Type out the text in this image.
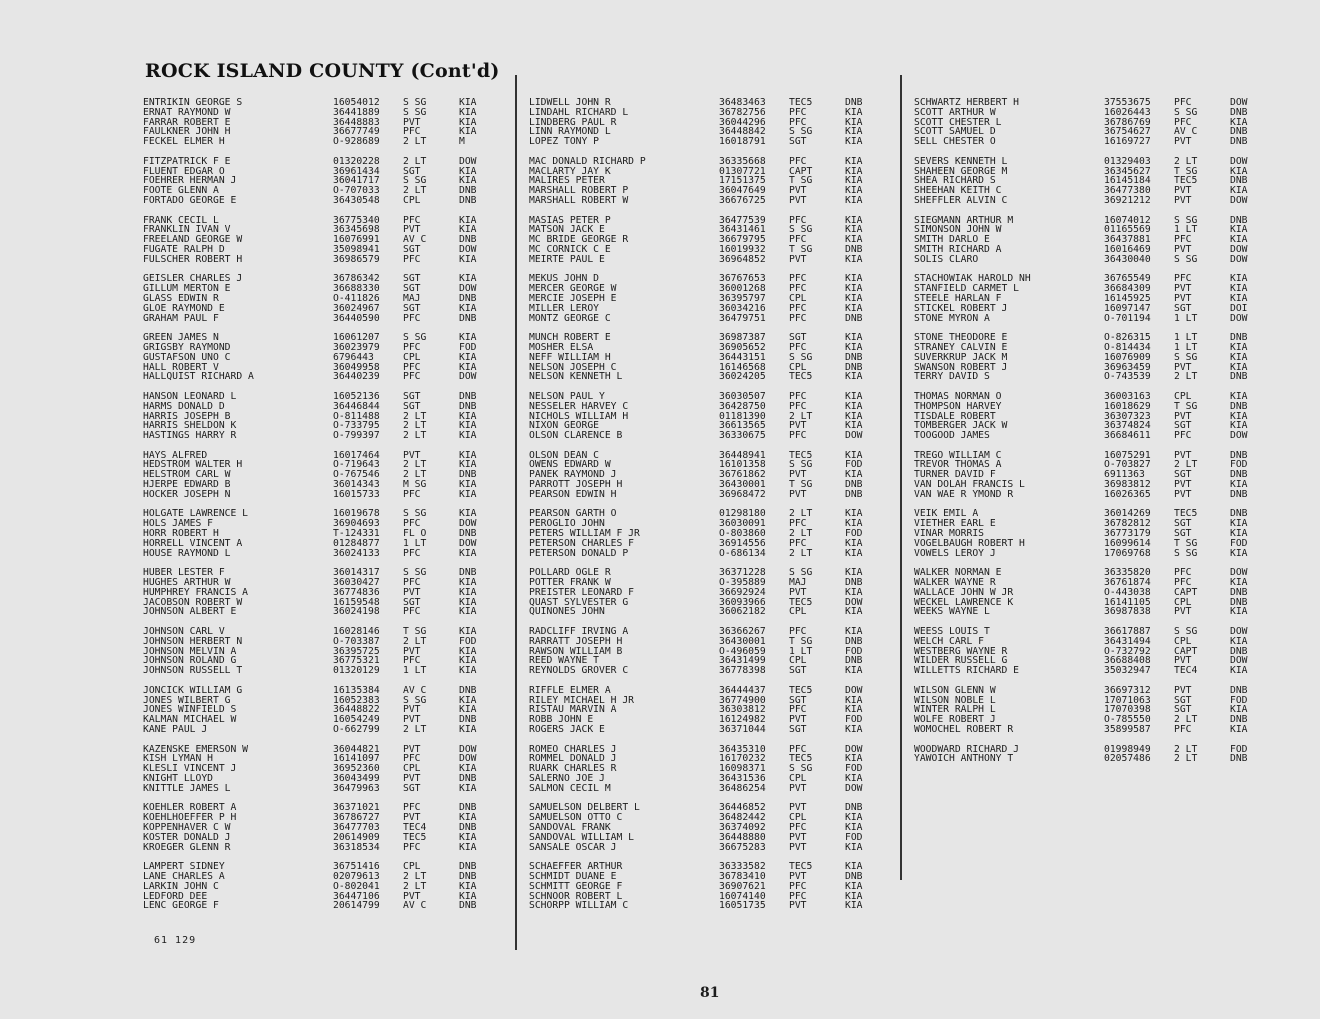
ROCK ISLAND COUNTY (Cont'd)
ENTRIKIN GEORGE S	16054012	S SG	KIA
ERNAT RAYMOND W	36441889	S SG	KIA
FARRAR ROBERT E	36448883	PVT	KIA
FAULKNER JOHN H	36677749	PFC	KIA
FECKEL ELMER H	O-928689	2 LT	M
FITZPATRICK F E	01320228	2 LT	DOW
FLUENT EDGAR O	36961434	SGT	KIA
FOEHRER HERMAN J	36041717	S SG	KIA
FOOTE GLENN A	O-707033	2 LT	DNB
FORTADO GEORGE E	36430548	CPL	DNB
FRANK CECIL L	36775340	PFC	KIA
FRANKLIN IVAN V	36345698	PVT	KIA
FREELAND GEORGE W	16076991	AV C	DNB
FUGATE RALPH D	35098941	SGT	DOW
FULSCHER ROBERT H	36986579	PFC	KIA
GEISLER CHARLES J	36786342	SGT	KIA
GILLUM MERTON E	36688330	SGT	DOW
GLASS EDWIN R	O-411826	MAJ	DNB
GLOE RAYMOND E	36024967	SGT	KIA
GRAHAM PAUL F	36440590	PFC	DNB
GREEN JAMES N	16061207	S SG	KIA
GRIGSBY RAYMOND	36023979	PFC	FOD
GUSTAFSON UNO C	6796443	CPL	KIA
HALL ROBERT V	36049958	PFC	KIA
HALLQUIST RICHARD A	36440239	PFC	DOW
HANSON LEONARD L	16052136	SGT	DNB
HARMS DONALD D	36446844	SGT	DNB
HARRIS JOSEPH B	O-811488	2 LT	KIA
HARRIS SHELDON K	O-733795	2 LT	KIA
HASTINGS HARRY R	O-799397	2 LT	KIA
HAYS ALFRED	16017464	PVT	KIA
HEDSTROM WALTER H	O-719643	2 LT	KIA
HELSTROM CARL W	O-767546	2 LT	DNB
HJERPE EDWARD B	36014343	M SG	KIA
HOCKER JOSEPH N	16015733	PFC	KIA
HOLGATE LAWRENCE L	16019678	S SG	KIA
HOLS JAMES F	36904693	PFC	DOW
HORR ROBERT H	T-124331	FL O	DNB
HORRELL VINCENT A	01284877	1 LT	DOW
HOUSE RAYMOND L	36024133	PFC	KIA
HUBER LESTER F	36014317	S SG	DNB
HUGHES ARTHUR W	36030427	PFC	KIA
HUMPHREY FRANCIS A	36774836	PVT	KIA
JACOBSON ROBERT W	16159548	SGT	KIA
JOHNSON ALBERT E	36024198	PFC	KIA
JOHNSON CARL V	16028146	T SG	KIA
JOHNSON HERBERT N	O-703387	2 LT	FOD
JOHNSON MELVIN A	36395725	PVT	KIA
JOHNSON ROLAND G	36775321	PFC	KIA
JOHNSON RUSSELL T	01320129	1 LT	KIA
JONCICK WILLIAM G	16135384	AV C	DNB
JONES WILBERT G	16052383	S SG	KIA
JONES WINFIELD S	36448822	PVT	KIA
KALMAN MICHAEL W	16054249	PVT	DNB
KANE PAUL J	O-662799	2 LT	KIA
KAZENSKE EMERSON W	36044821	PVT	DOW
KISH LYMAN H	16141097	PFC	DOW
KLESLI VINCENT J	36952360	CPL	KIA
KNIGHT LLOYD	36043499	PVT	DNB
KNITTLE JAMES L	36479963	SGT	KIA
KOEHLER ROBERT A	36371021	PFC	DNB
KOEHLHOEFFER P H	36786727	PVT	KIA
KOPPENHAVER C W	36477703	TEC4	DNB
KOSTER DONALD J	20614909	TEC5	KIA
KROEGER GLENN R	36318534	PFC	KIA
LAMPERT SIDNEY	36751416	CPL	DNB
LANE CHARLES A	02079613	2 LT	DNB
LARKIN JOHN C	O-802041	2 LT	KIA
LEDFORD DEE	36447106	PVT	KIA
LENC GEORGE F	20614799	AV C	DNB
LIDWELL JOHN R	36483463	TEC5	DNB
LINDAHL RICHARD L	36782756	PFC	KIA
LINDBERG PAUL R	36044296	PFC	KIA
LINN RAYMOND L	36448842	S SG	KIA
LOPEZ TONY P	16018791	SGT	KIA
MAC DONALD RICHARD P	36335668	PFC	KIA
MACLARTY JAY K	01307721	CAPT	KIA
MALIRES PETER	17151375	T SG	KIA
MARSHALL ROBERT P	36047649	PVT	KIA
MARSHALL ROBERT W	36676725	PVT	KIA
MASIAS PETER P	36477539	PFC	KIA
MATSON JACK E	36431461	S SG	KIA
MC BRIDE GEORGE R	36679795	PFC	KIA
MC CORNICK C E	16019932	T SG	DNB
MEIRTE PAUL E	36964852	PVT	KIA
MEKUS JOHN D	36767653	PFC	KIA
MERCER GEORGE W	36001268	PFC	KIA
MERCIE JOSEPH E	36395797	CPL	KIA
MILLER LEROY	36034216	PFC	KIA
MONTZ GEORGE C	36479751	PFC	DNB
MUNCH ROBERT E	36987387	SGT	KIA
MOSHER ELSA	36905652	PFC	KIA
NEFF WILLIAM H	36443151	S SG	DNB
NELSON JOSEPH C	16146568	CPL	DNB
NELSON KENNETH L	36024205	TEC5	KIA
NELSON PAUL Y	36030507	PFC	KIA
NESSELER HARVEY C	36428750	PFC	KIA
NICHOLS WILLIAM H	01181390	2 LT	KIA
NIXON GEORGE	36613565	PVT	KIA
OLSON CLARENCE B	36330675	PFC	DOW
OLSON DEAN C	36448941	TEC5	KIA
OWENS EDWARD W	16101358	S SG	FOD
PANEK RAYMOND J	36761862	PVT	KIA
PARROTT JOSEPH H	36430001	T SG	DNB
PEARSON EDWIN H	36968472	PVT	DNB
PEARSON GARTH O	01298180	2 LT	KIA
PEROGLIO JOHN	36030091	PFC	KIA
PETERS WILLIAM F JR	O-803860	2 LT	FOD
PETERSON CHARLES F	36914556	PFC	KIA
PETERSON DONALD P	O-686134	2 LT	KIA
POLLARD OGLE R	36371228	S SG	KIA
POTTER FRANK W	O-395889	MAJ	DNB
PREISTER LEONARD F	36692924	PVT	KIA
QUAST SYLVESTER G	36093966	TEC5	DOW
QUINONES JOHN	36062182	CPL	KIA
RADCLIFF IRVING A	36366267	PFC	KIA
RARRATT JOSEPH H	36430001	T SG	DNB
RAWSON WILLIAM B	O-496059	1 LT	FOD
REED WAYNE T	36431499	CPL	DNB
REYNOLDS GROVER C	36778398	SGT	KIA
RIFFLE ELMER A	36444437	TEC5	DOW
RILEY MICHAEL H JR	36774900	SGT	KIA
RISTAU MARVIN A	36303812	PFC	KIA
ROBB JOHN E	16124982	PVT	FOD
ROGERS JACK E	36371044	SGT	KIA
ROMEO CHARLES J	36435310	PFC	DOW
ROMMEL DONALD J	16170232	TEC5	KIA
RUARK CHARLES R	16098371	S SG	FOD
SALERNO JOE J	36431536	CPL	KIA
SALMON CECIL M	36486254	PVT	DOW
SAMUELSON DELBERT L	36446852	PVT	DNB
SAMUELSON OTTO C	36482442	CPL	KIA
SANDOVAL FRANK	36374092	PFC	KIA
SANDOVAL WILLIAM L	36448880	PVT	FOD
SANSALE OSCAR J	36675283	PVT	KIA
SCHAEFFER ARTHUR	36333582	TEC5	KIA
SCHMIDT DUANE E	36783410	PVT	DNB
SCHMITT GEORGE F	36907621	PFC	KIA
SCHNOOR ROBERT L	16074140	PFC	KIA
SCHORPP WILLIAM C	16051735	PVT	KIA
SCHWARTZ HERBERT H	37553675	PFC	DOW
SCOTT ARTHUR W	16026443	S SG	DNB
SCOTT CHESTER L	36786769	PFC	KIA
SCOTT SAMUEL D	36754627	AV C	DNB
SELL CHESTER O	16169727	PVT	DNB
SEVERS KENNETH L	01329403	2 LT	DOW
SHAHEEN GEORGE M	36345627	T SG	KIA
SHEA RICHARD S	16145184	TEC5	DNB
SHEEHAN KEITH C	36477380	PVT	KIA
SHEFFLER ALVIN C	36921212	PVT	DOW
SIEGMANN ARTHUR M	16074012	S SG	DNB
SIMONSON JOHN W	01165569	1 LT	KIA
SMITH DARLO E	36437881	PFC	KIA
SMITH RICHARD A	16016469	PVT	DOW
SOLIS CLARO	36430040	S SG	DOW
STACHOWIAK HAROLD NH	36765549	PFC	KIA
STANFIELD CARMET L	36684309	PVT	KIA
STEELE HARLAN F	16145925	PVT	KIA
STICKEL ROBERT J	16097147	SGT	DOI
STONE MYRON A	O-701194	1 LT	DOW
STONE THEODORE E	O-826315	1 LT	DNB
STRANEY CALVIN E	O-814434	1 LT	KIA
SUVERKRUP JACK M	16076909	S SG	KIA
SWANSON ROBERT J	36963459	PVT	KIA
TERRY DAVID S	O-743539	2 LT	DNB
THOMAS NORMAN O	36003163	CPL	KIA
THOMPSON HARVEY	16018629	T SG	DNB
TISDALE ROBERT	36307323	PVT	KIA
TOMBERGER JACK W	36374824	SGT	KIA
TOOGOOD JAMES	36684611	PFC	DOW
TREGO WILLIAM C	16075291	PVT	DNB
TREVOR THOMAS A	O-703827	2 LT	FOD
TURNER DAVID F	6911363	SGT	DNB
VAN DOLAH FRANCIS L	36983812	PVT	KIA
VAN WAE R YMOND R	16026365	PVT	DNB
VEIK EMIL A	36014269	TEC5	DNB
VIETHER EARL E	36782812	SGT	KIA
VINAR MORRIS	36773179	SGT	KIA
VOGELBAUGH ROBERT H	16099614	T SG	FOD
VOWELS LEROY J	17069768	S SG	KIA
WALKER NORMAN E	36335820	PFC	DOW
WALKER WAYNE R	36761874	PFC	KIA
WALLACE JOHN W JR	O-443038	CAPT	DNB
WECKEL LAWRENCE K	16141105	CPL	DNB
WEEKS WAYNE L	36987838	PVT	KIA
WEESS LOUIS T	36617887	S SG	DOW
WELCH CARL F	36431494	CPL	KIA
WESTBERG WAYNE R	O-732792	CAPT	DNB
WILDER RUSSELL G	36688408	PVT	DOW
WILLETTS RICHARD E	35032947	TEC4	KIA
WILSON GLENN W	36697312	PVT	DNB
WILSON NOBLE L	17071063	SGT	FOD
WINTER RALPH L	17070398	SGT	KIA
WOLFE ROBERT J	O-785550	2 LT	DNB
WOMOCHEL ROBERT R	35899587	PFC	KIA
WOODWARD RICHARD J	01998949	2 LT	FOD
YAWOICH ANTHONY T	02057486	2 LT	DNB
61 129
81
